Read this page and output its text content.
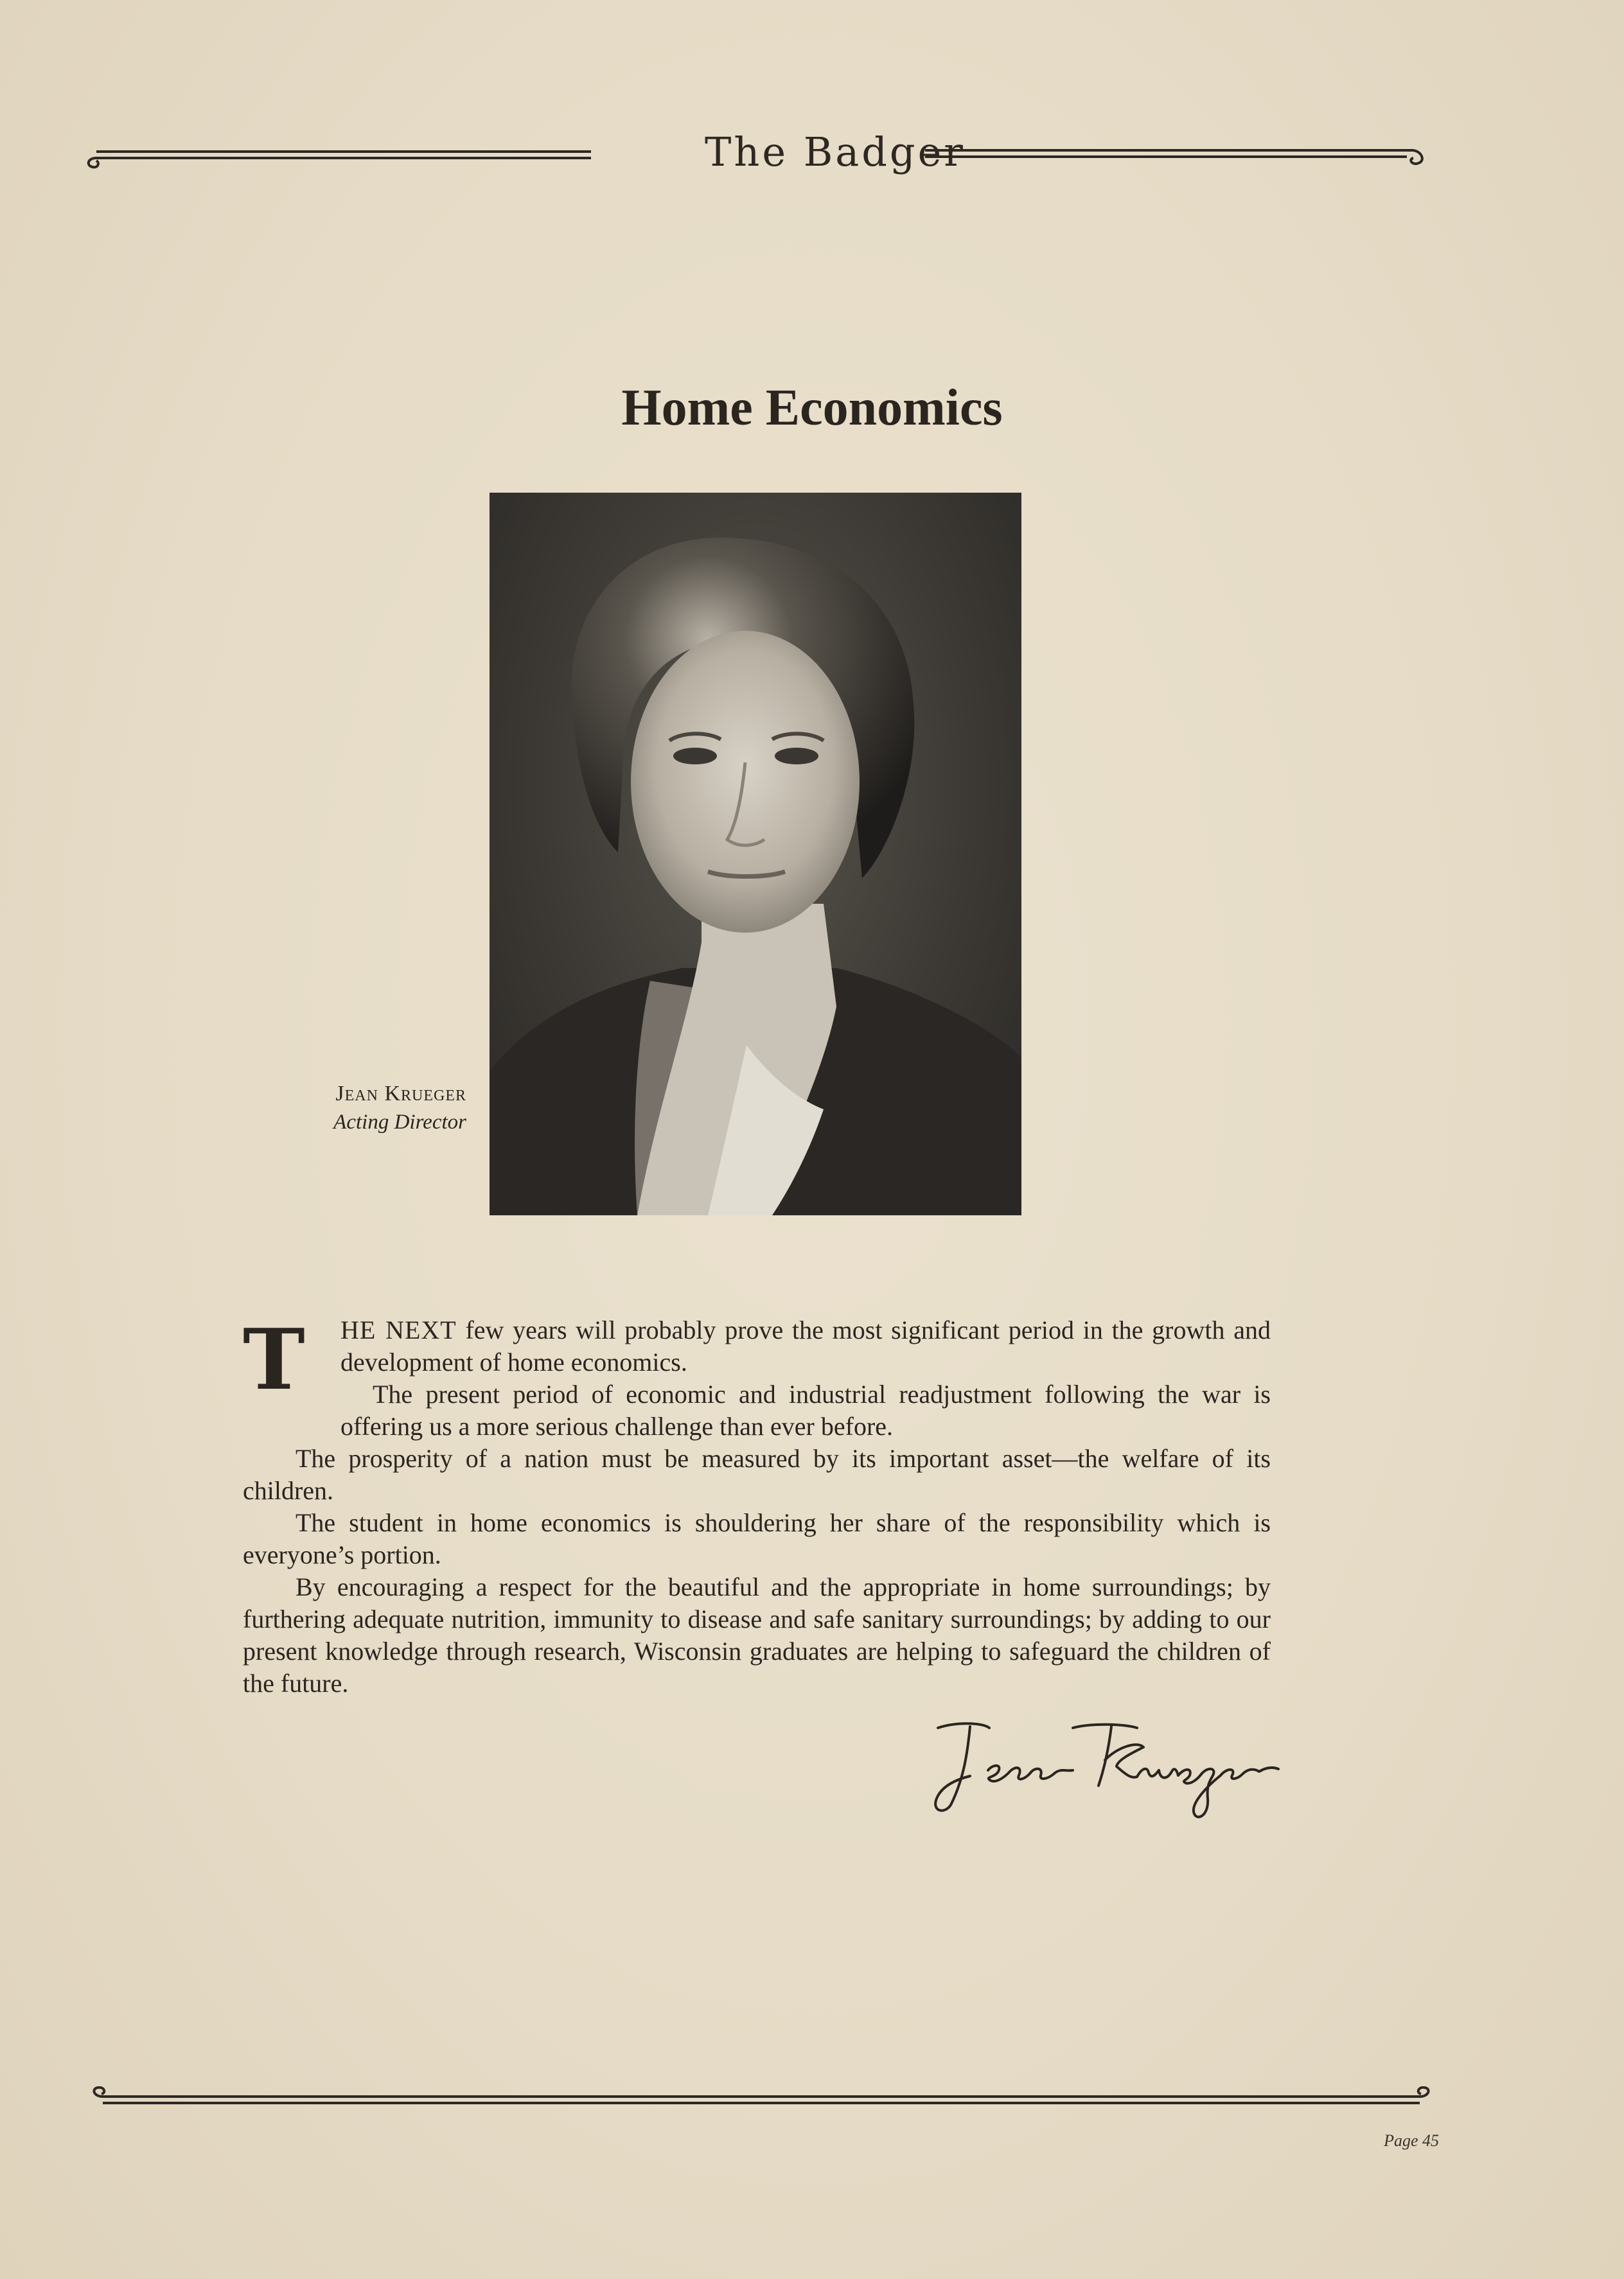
The Badger
Home Economics
Jean Krueger
Acting Director
T	HE NEXT few years will probably prove the most significant period in the growth and development of home economics.

The present period of economic and industrial readjustment following the war is offering us a more serious challenge than ever before.

The prosperity of a nation must be measured by its important asset—the welfare of its children.

The student in home economics is shouldering her share of the responsibility which is everyone’s portion.

By encouraging a respect for the beautiful and the appropriate in home surroundings; by furthering adequate nutrition, immunity to disease and safe sanitary surroundings; by adding to our present knowledge through research, Wisconsin graduates are helping to safeguard the children of the future.

Page 45
